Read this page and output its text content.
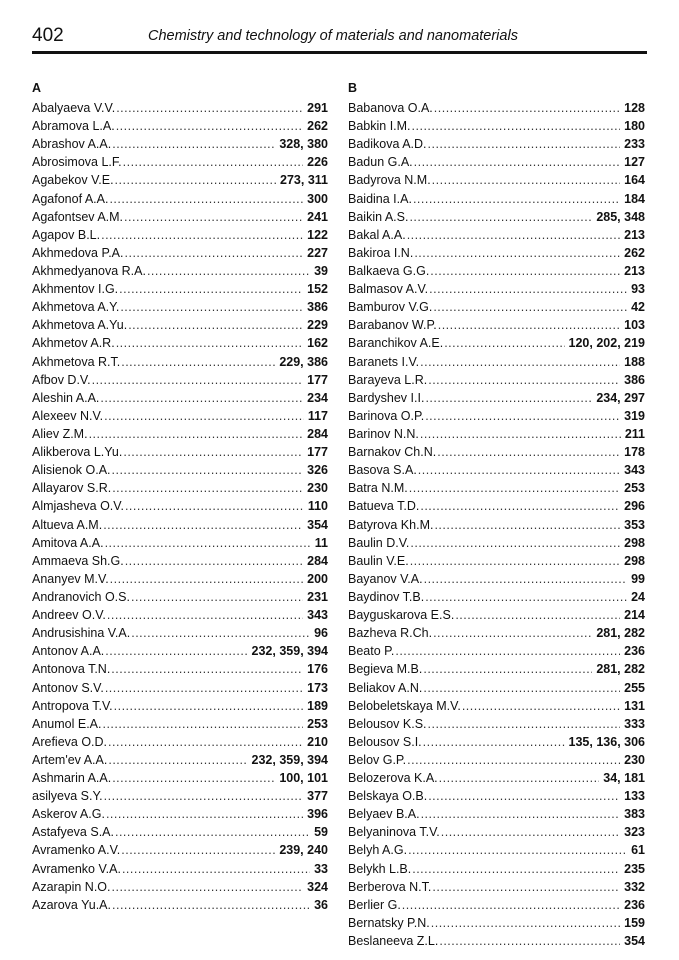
402	Chemistry and technology of materials and nanomaterials
A
Abalyaeva V.V. .....	291
Abramova L.A. .....	262
Abrashov A.A. .....	328, 380
Abrosimova L.F. .....	226
Agabekov V.E. .....	273, 311
Agafonof A.A. .....	300
Agafontsev A.M. .....	241
Agapov B.L. .....	122
Akhmedova P.A. .....	227
Akhmedyanova R.A. .....	39
Akhmentov I.G. .....	152
Akhmetova A.Y. .....	386
Akhmetova A.Yu. .....	229
Akhmetov A.R. .....	162
Akhmetova R.T. .....	229, 386
Afbov D.V. .....	177
Aleshin A.A. .....	234
Alexeev N.V. .....	117
Aliev Z.M. .....	284
Alikberova L.Yu. .....	177
Alisienok O.A. .....	326
Allayarov S.R. .....	230
Almjasheva O.V. .....	110
Altueva A.M. .....	354
Amitova A.A. .....	11
Ammaeva Sh.G. .....	284
Ananyev M.V. .....	200
Andranovich O.S. .....	231
Andreev O.V. .....	343
Andrusishina V.A. .....	96
Antonov A.A. .....	232, 359, 394
Antonova T.N. .....	176
Antonov S.V. .....	173
Antropova T.V. .....	189
Anumol E.A. .....	253
Arefieva O.D. .....	210
Artem'ev A.A. .....	232, 359, 394
Ashmarin A.A. .....	100, 101
asilyeva S.Y. .....	377
Askerov A.G. .....	396
Astafyeva S.A. .....	59
Avramenko A.V. .....	239, 240
Avramenko V.A. .....	33
Azarapin N.O. .....	324
Azarova Yu.A. .....	36
B
Babanova O.A. .....	128
Babkin I.M. .....	180
Badikova A.D. .....	233
Badun G.A. .....	127
Badyrova N.M. .....	164
Baidina I.A. .....	184
Baikin A.S. .....	285, 348
Bakal A.A. .....	213
Bakiroa I.N. .....	262
Balkaeva G.G. .....	213
Balmasov A.V. .....	93
Bamburov V.G. .....	42
Barabanov W.P. .....	103
Baranchikov A.E. .....	120, 202, 219
Baranets I.V. .....	188
Barayeva L.R. .....	386
Bardyshev I.I. .....	234, 297
Barinova O.P. .....	319
Barinov N.N. .....	211
Barnakov Ch.N. .....	178
Basova S.A. .....	343
Batra N.M. .....	253
Batueva T.D. .....	296
Batyrova Kh.M. .....	353
Baulin D.V. .....	298
Baulin V.E. .....	298
Bayanov V.A. .....	99
Baydinov T.B. .....	24
Bayguskarova E.S. .....	214
Bazheva R.Ch. .....	281, 282
Beato P. .....	236
Begieva M.B. .....	281, 282
Beliakov A.N. .....	255
Belobeletskaya M.V. .....	131
Belousov K.S. .....	333
Belousov S.I. .....	135, 136, 306
Belov G.P. .....	230
Belozerova K.A. .....	34, 181
Belskaya O.B. .....	133
Belyaev B.A. .....	383
Belyaninova T.V. .....	323
Belyh A.G. .....	61
Belykh L.B. .....	235
Berberova N.T. .....	332
Berlier G. .....	236
Bernatsky P.N. .....	159
Beslaneeva Z.L. .....	354
